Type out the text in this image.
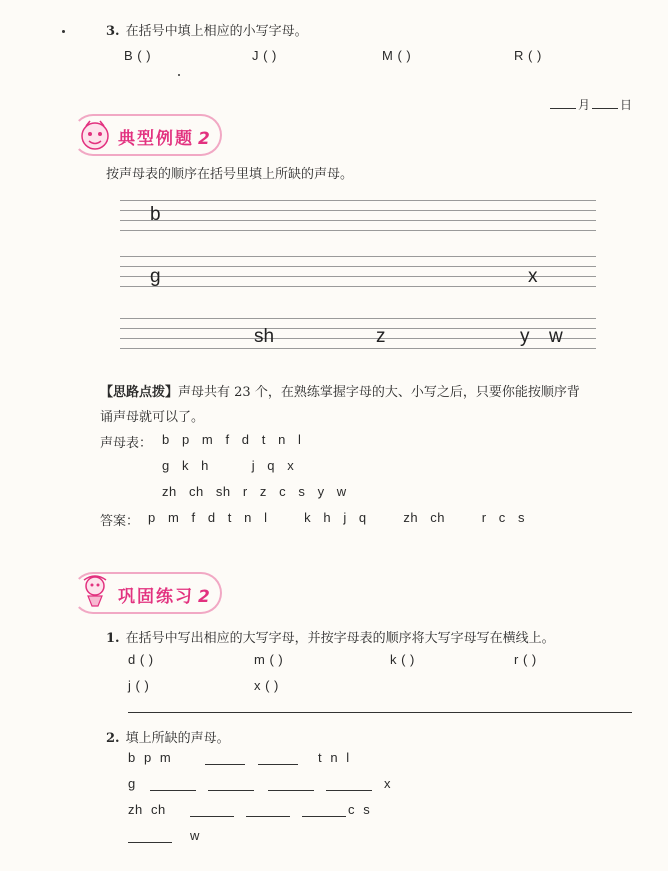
3. 在括号中填上相应的小写字母。
B ( )	J ( )	M ( )	R ( )
月	日
典型例题 2
按声母表的顺序在括号里填上所缺的声母。
b
g	x
sh	z	y w
【思路点拨】声母共有 23 个，在熟练掌握字母的大、小写之后，只要你能按顺序背
诵声母就可以了。
声母表： b  p  m  f  d  t  n  l
g  k  h       j  q  x
zh  ch  sh  r  z  c  s  y  w
答案： p  m  f  d  t  n  l      k  h  j  q      zh  ch      r  c  s
巩固练习 2
1. 在括号中写出相应的大写字母，并按字母表的顺序将大写字母写在横线上。
d ( )	m ( )	k ( )	r ( )
j ( )	x ( )
2. 填上所缺的声母。
b  p  m	t  n  l
g	x
zh  ch	c  s
w
